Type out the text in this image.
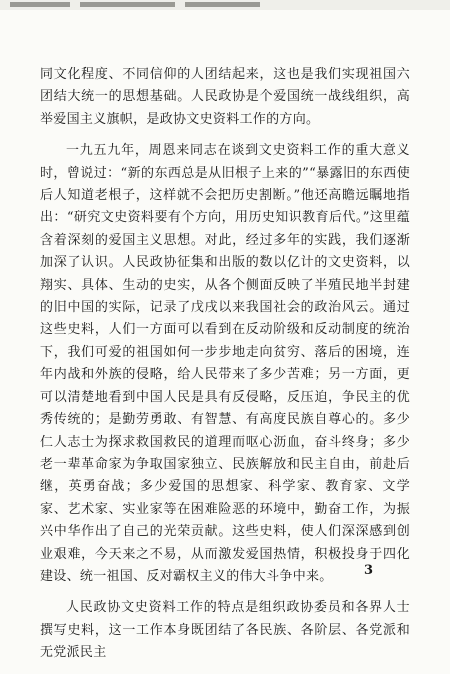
同文化程度、不同信仰的人团结起来，这也是我们实现祖国六团结大统一的思想基础。人民政协是个爱国统一战线组织，高举爱国主义旗帜，是政协文史资料工作的方向。

一九五九年，周恩来同志在谈到文史资料工作的重大意义时，曾说过：“新的东西总是从旧根子上来的”“暴露旧的东西使后人知道老根子，这样就不会把历史割断。”他还高瞻远瞩地指出：“研究文史资料要有个方向，用历史知识教育后代。”这里蕴含着深刻的爱国主义思想。对此，经过多年的实践，我们逐渐加深了认识。人民政协征集和出版的数以亿计的文史资料，以翔实、具体、生动的史实，从各个侧面反映了半殖民地半封建的旧中国的实际，记录了戊戌以来我国社会的政治风云。通过这些史料，人们一方面可以看到在反动阶级和反动制度的统治下，我们可爱的祖国如何一步步地走向贫穷、落后的困境，连年内战和外族的侵略，给人民带来了多少苦难；另一方面，更可以清楚地看到中国人民是具有反侵略，反压迫，争民主的优秀传统的；是勤劳勇敢、有智慧、有高度民族自尊心的。多少仁人志士为探求救国救民的道理而呕心沥血，奋斗终身；多少老一辈革命家为争取国家独立、民族解放和民主自由，前赴后继，英勇奋战；多少爱国的思想家、科学家、教育家、文学家、艺术家、实业家等在困难险恶的环境中，勤奋工作，为振兴中华作出了自己的光荣贡献。这些史料，使人们深深感到创业艰难，今天来之不易，从而激发爱国热情，积极投身于四化建设、统一祖国、反对霸权主义的伟大斗争中来。

人民政协文史资料工作的特点是组织政协委员和各界人士撰写史料，这一工作本身既团结了各民族、各阶层、各党派和无党派民主

3
